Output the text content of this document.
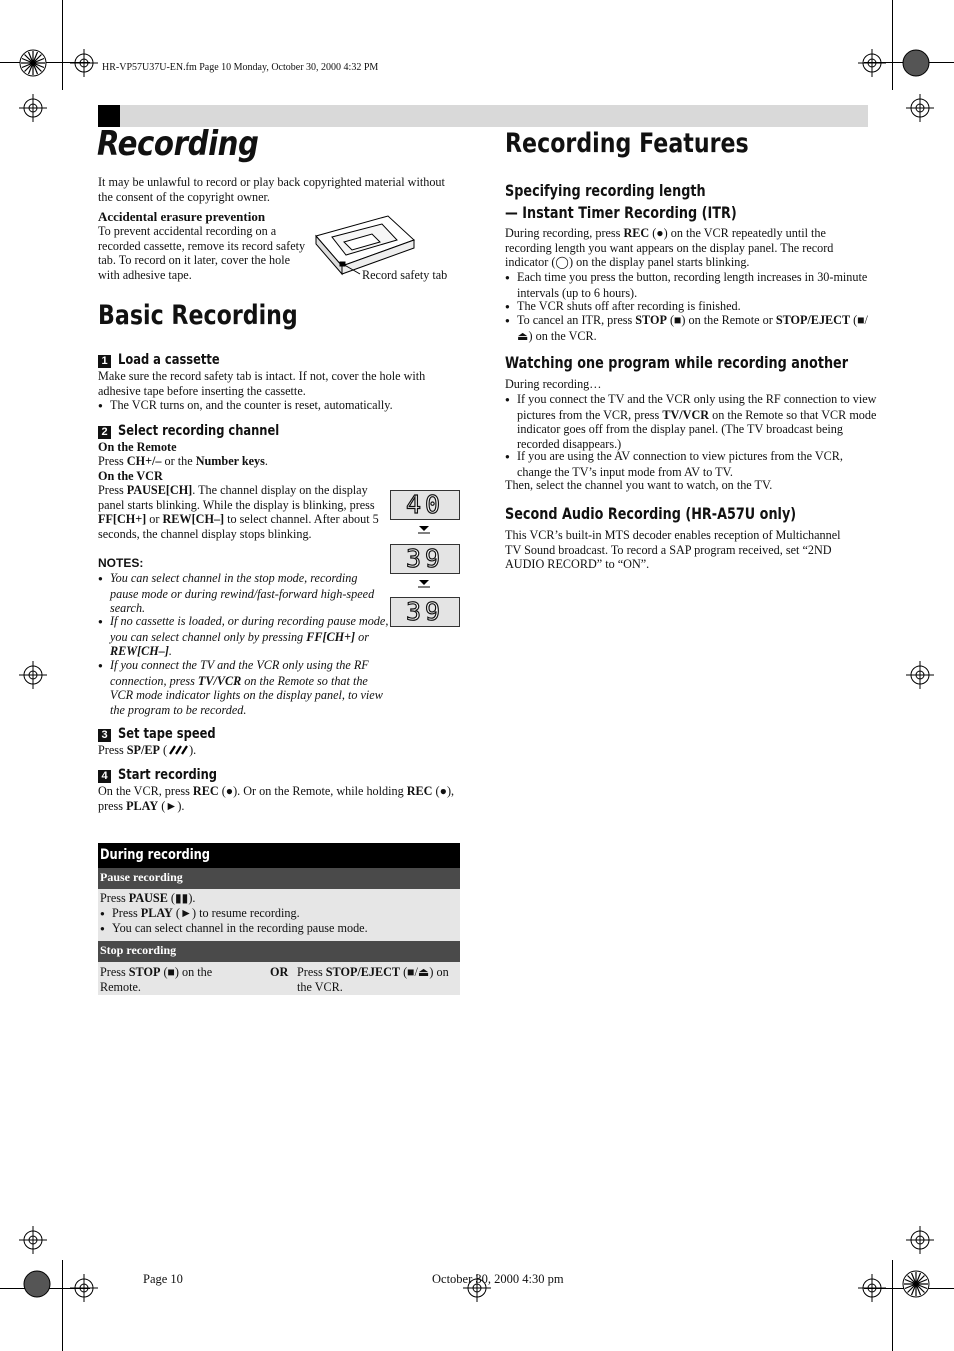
HR-VP57U37U-EN.fm Page 10 Monday, October 30, 2000 4:32 PM
Recording
It may be unlawful to record or play back copyrighted material without the consent of the copyright owner.
Accidental erasure prevention
To prevent accidental recording on a recorded cassette, remove its record safety tab. To record on it later, cover the hole with adhesive tape.	Record safety tab
Basic Recording
1 Load a cassette
Make sure the record safety tab is intact. If not, cover the hole with adhesive tape before inserting the cassette.
● The VCR turns on, and the counter is reset, automatically.
2 Select recording channel
On the Remote
Press CH+/– or the Number keys.
On the VCR
Press PAUSE[CH]. The channel display on the display panel starts blinking. While the display is blinking, press FF[CH+] or REW[CH–] to select channel. After about 5 seconds, the channel display stops blinking.
NOTES:
● You can select channel in the stop mode, recording pause mode or during rewind/fast-forward high-speed search.
● If no cassette is loaded, or during recording pause mode, you can select channel only by pressing FF[CH+] or REW[CH–].
● If you connect the TV and the VCR only using the RF connection, press TV/VCR on the Remote so that the VCR mode indicator lights on the display panel, to view the program to be recorded.
40
39
39
3 Set tape speed
Press SP/EP ( ).
4 Start recording
On the VCR, press REC (●). Or on the Remote, while holding REC (●), press PLAY (►).
During recording
Pause recording
Press PAUSE (▮▮).
● Press PLAY (►) to resume recording.
● You can select channel in the recording pause mode.
Stop recording
Press STOP (■) on the Remote.
OR Press STOP/EJECT (■/⏏) on the VCR.
Recording Features
Specifying recording length
— Instant Timer Recording (ITR)
During recording, press REC (●) on the VCR repeatedly until the recording length you want appears on the display panel. The record indicator (◯) on the display panel starts blinking.
● Each time you press the button, recording length increases in 30-minute intervals (up to 6 hours).
● The VCR shuts off after recording is finished.
● To cancel an ITR, press STOP (■) on the Remote or STOP/EJECT (■/⏏) on the VCR.
Watching one program while recording another
During recording…
● If you connect the TV and the VCR only using the RF connection to view pictures from the VCR, press TV/VCR on the Remote so that VCR mode indicator goes off from the display panel. (The TV broadcast being recorded disappears.)
● If you are using the AV connection to view pictures from the VCR, change the TV’s input mode from AV to TV.
Then, select the channel you want to watch, on the TV.
Second Audio Recording (HR-A57U only)
This VCR’s built-in MTS decoder enables reception of Multichannel TV Sound broadcast. To record a SAP program received, set “2ND AUDIO RECORD” to “ON”.
Page 10	October 30, 2000 4:30 pm
